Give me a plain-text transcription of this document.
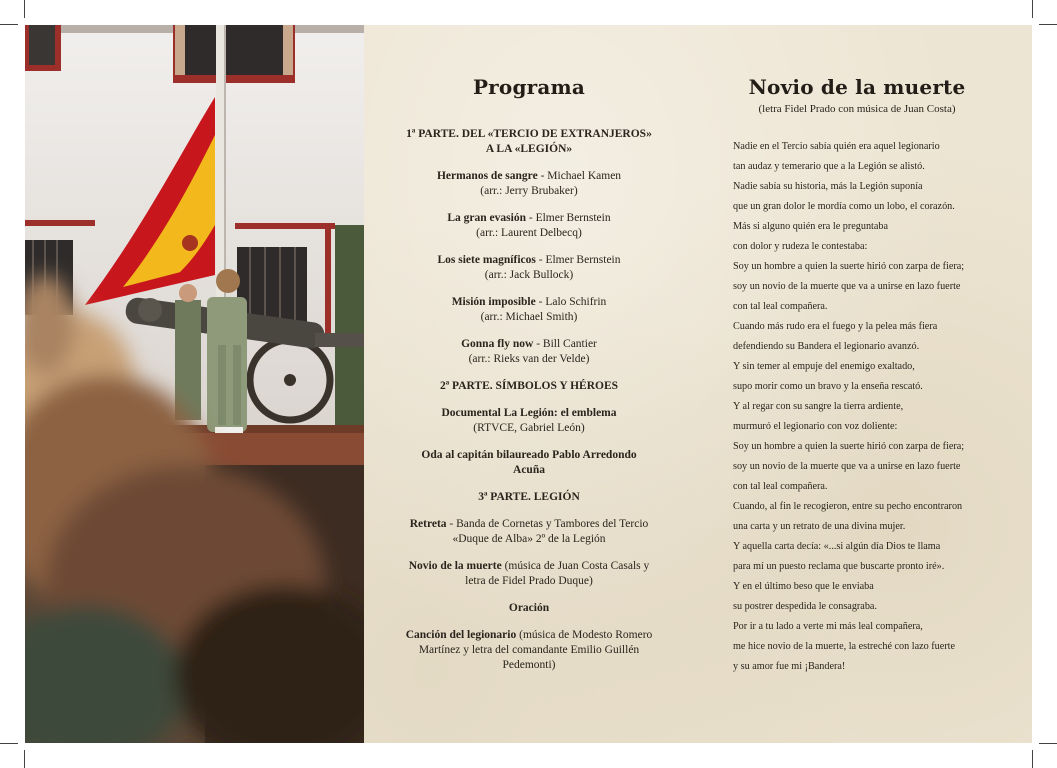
Programa
1ª PARTE. DEL «TERCIO DE EXTRANJEROS» A LA «LEGIÓN»
Hermanos de sangre - Michael Kamen
(arr.: Jerry Brubaker)
La gran evasión - Elmer Bernstein
(arr.: Laurent Delbecq)
Los siete magníficos - Elmer Bernstein
(arr.: Jack Bullock)
Misión imposible - Lalo Schifrin
(arr.: Michael Smith)
Gonna fly now - Bill Cantier
(arr.: Rieks van der Velde)
2ª PARTE. SÍMBOLOS Y HÉROES
Documental La Legión: el emblema
(RTVCE, Gabriel León)
Oda al capitán bilaureado Pablo Arredondo Acuña
3ª PARTE. LEGIÓN
Retreta - Banda de Cornetas y Tambores del Tercio «Duque de Alba» 2º de la Legión
Novio de la muerte (música de Juan Costa Casals y letra de Fidel Prado Duque)
Oración
Canción del legionario (música de Modesto Romero Martínez y letra del comandante Emilio Guillén Pedemonti)
Novio de la muerte
(letra Fidel Prado con música de Juan Costa)
Nadie en el Tercio sabía quién era aquel legionario
tan audaz y temerario que a la Legión se alistó.
Nadie sabía su historia, más la Legión suponía
que un gran dolor le mordía como un lobo, el corazón.
Más si alguno quién era le preguntaba
con dolor y rudeza le contestaba:
Soy un hombre a quien la suerte hirió con zarpa de fiera;
soy un novio de la muerte que va a unirse en lazo fuerte
con tal leal compañera.
Cuando más rudo era el fuego y la pelea más fiera
defendiendo su Bandera el legionario avanzó.
Y sin temer al empuje del enemigo exaltado,
supo morir como un bravo y la enseña rescató.
Y al regar con su sangre la tierra ardiente,
murmuró el legionario con voz doliente:
Soy un hombre a quien la suerte hirió con zarpa de fiera;
soy un novio de la muerte que va a unirse en lazo fuerte
con tal leal compañera.
Cuando, al fin le recogieron, entre su pecho encontraron
una carta y un retrato de una divina mujer.
Y aquella carta decía: «...si algún día Dios te llama
para mí un puesto reclama que buscarte pronto iré».
Y en el último beso que le enviaba
su postrer despedida le consagraba.
Por ir a tu lado a verte mi más leal compañera,
me hice novio de la muerte, la estreché con lazo fuerte
y su amor fue mi ¡Bandera!
